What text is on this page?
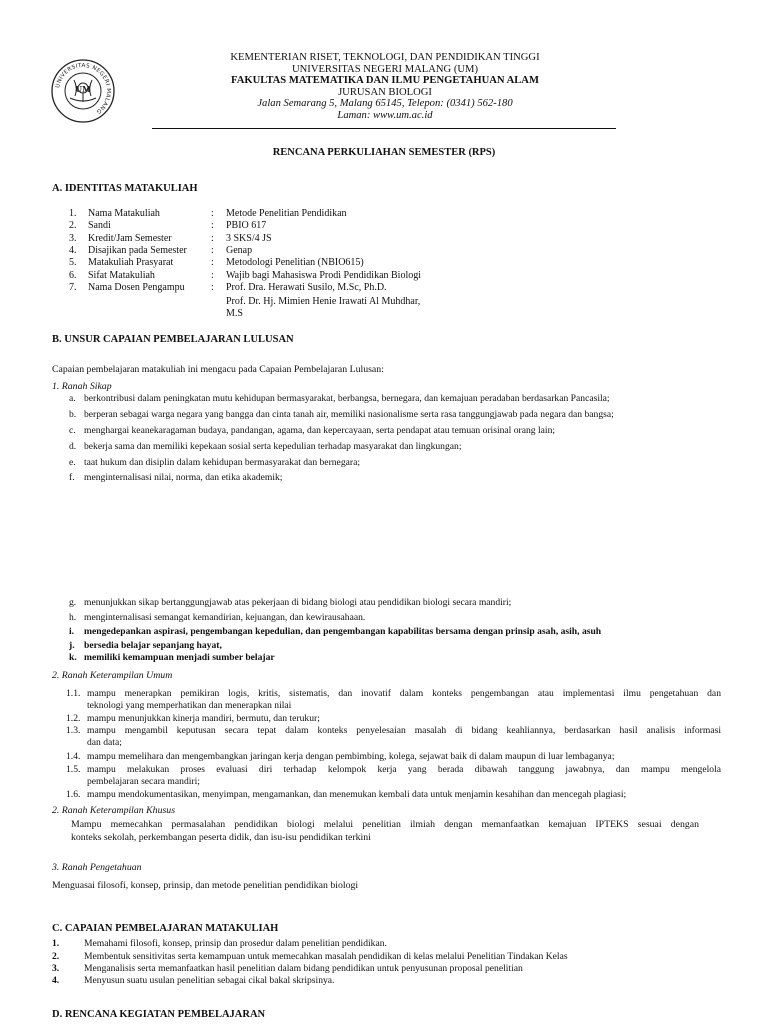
UNIVERSITAS NEGERI MALANG
UM
KEMENTERIAN RISET, TEKNOLOGI, DAN PENDIDIKAN TINGGI
UNIVERSITAS NEGERI MALANG (UM)
FAKULTAS MATEMATIKA DAN ILMU PENGETAHUAN ALAM
JURUSAN BIOLOGI
Jalan Semarang 5, Malang 65145, Telepon: (0341) 562-180
Laman: www.um.ac.id
RENCANA PERKULIAHAN SEMESTER (RPS)
A. IDENTITAS MATAKULIAH
1.	Nama Matakuliah	: Metode Penelitian Pendidikan
2.	Sandi	: PBIO 617
3.	Kredit/Jam Semester	: 3 SKS/4 JS
4.	Disajikan pada Semester : Genap
5.	Matakuliah Prasyarat	: Metodologi Penelitian (NBIO615)
6.	Sifat Matakuliah	: Wajib bagi Mahasiswa Prodi Pendidikan Biologi
7.	Nama Dosen Pengampu	: Prof. Dra. Herawati Susilo, M.Sc, Ph.D.
Prof. Dr. Hj. Mimien Henie Irawati Al Muhdhar,
M.S
B. UNSUR CAPAIAN PEMBELAJARAN LULUSAN
Capaian pembelajaran matakuliah ini mengacu pada Capaian Pembelajaran Lulusan:
1. Ranah Sikap
a. berkontribusi dalam peningkatan mutu kehidupan bermasyarakat, berbangsa, bernegara, dan kemajuan peradaban berdasarkan Pancasila;
b. berperan sebagai warga negara yang bangga dan cinta tanah air, memiliki nasionalisme serta rasa tanggungjawab pada negara dan bangsa;
c. menghargai keanekaragaman budaya, pandangan, agama, dan kepercayaan, serta pendapat atau temuan orisinal orang lain;
d. bekerja sama dan memiliki kepekaan sosial serta kepedulian terhadap masyarakat dan lingkungan;
e. taat hukum dan disiplin dalam kehidupan bermasyarakat dan bernegara;
f. menginternalisasi nilai, norma, dan etika akademik;
g. menunjukkan sikap bertanggungjawab atas pekerjaan di bidang biologi atau pendidikan biologi secara mandiri;
h. menginternalisasi semangat kemandirian, kejuangan, dan kewirausahaan.
i. mengedepankan aspirasi, pengembangan kepedulian, dan pengembangan kapabilitas bersama dengan prinsip asah, asih, asuh
j. bersedia belajar sepanjang hayat,
k. memiliki kemampuan menjadi sumber belajar
2. Ranah Keterampilan Umum
1.1. mampu menerapkan pemikiran logis, kritis, sistematis, dan inovatif dalam konteks pengembangan atau implementasi ilmu pengetahuan dan
teknologi yang memperhatikan dan menerapkan nilai
1.2. mampu menunjukkan kinerja mandiri, bermutu, dan terukur;
1.3. mampu mengambil keputusan secara tepat dalam konteks penyelesaian masalah di bidang keahliannya, berdasarkan hasil analisis informasi
dan data;
1.4. mampu memelihara dan mengembangkan jaringan kerja dengan pembimbing, kolega, sejawat baik di dalam maupun di luar lembaganya;
1.5. mampu melakukan proses evaluasi diri terhadap kelompok kerja yang berada dibawah tanggung jawabnya, dan mampu mengelola
pembelajaran secara mandiri;
1.6. mampu mendokumentasikan, menyimpan, mengamankan, dan menemukan kembali data untuk menjamin kesahihan dan mencegah plagiasi;
2. Ranah Keterampilan Khusus
Mampu memecahkan permasalahan pendidikan biologi melalui penelitian ilmiah dengan memanfaatkan kemajuan IPTEKS sesuai dengan
konteks sekolah, perkembangan peserta didik, dan isu-isu pendidikan terkini
3. Ranah Pengetahuan
Menguasai filosofi, konsep, prinsip, dan metode penelitian pendidikan biologi
C. CAPAIAN PEMBELAJARAN MATAKULIAH
1.	Memahami filosofi, konsep, prinsip dan prosedur dalam penelitian pendidikan.
2.	Membentuk sensitivitas serta kemampuan untuk memecahkan masalah pendidikan di kelas melalui Penelitian Tindakan Kelas
3.	Menganalisis serta memanfaatkan hasil penelitian dalam bidang pendidikan untuk penyusunan proposal penelitian
4.	Menyusun suatu usulan penelitian sebagai cikal bakal skripsinya.
D. RENCANA KEGIATAN PEMBELAJARAN
